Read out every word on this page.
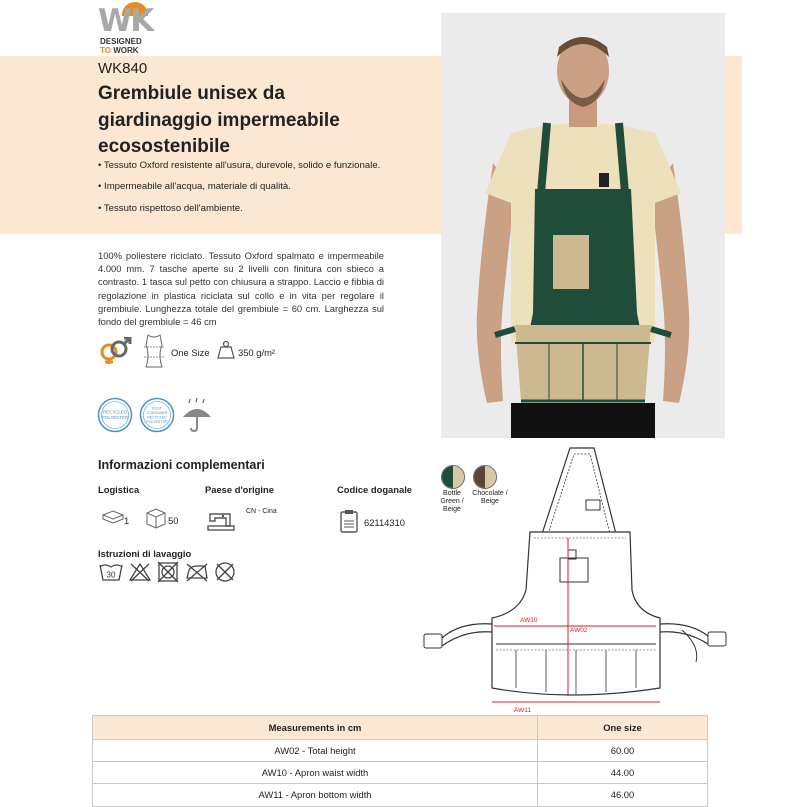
WK
DESIGNED
TO WORK
WK840
Grembiule unisex da
giardinaggio impermeabile
ecosostenibile
• Tessuto Oxford resistente all'usura, durevole, solido e funzionale.
• Impermeabile all'acqua, materiale di qualità.
• Tessuto rispettoso dell'ambiente.
100% poliestere riciclato. Tessuto Oxford spalmato e impermeabile 4.000 mm. 7 tasche aperte su 2 livelli con finitura con sbieco a contrasto. 1 tasca sul petto con chiusura a strappo. Laccio e fibbia di regolazione in plastica riciclata sul collo e in vita per regolare il grembiule. Lunghezza totale del grembiule = 60 cm. Larghezza sul fondo del grembiule = 46 cm
One Size	350 g/m²
RECYCLED
POLYESTER
POST
CONSUMER
RECYCLED
POLYESTER
Informazioni complementari
Logistica	Paese d'origine	Codice doganale
1	50
CN - Cina
62114310
Istruzioni di lavaggio
30
Bottle
Green /
Beige
Chocolate /
Beige
AW10
AW02
AW11
Measurements in cm	One size
AW02 - Total height	60.00
AW10 - Apron waist width	44.00
AW11 - Apron bottom width	46.00
